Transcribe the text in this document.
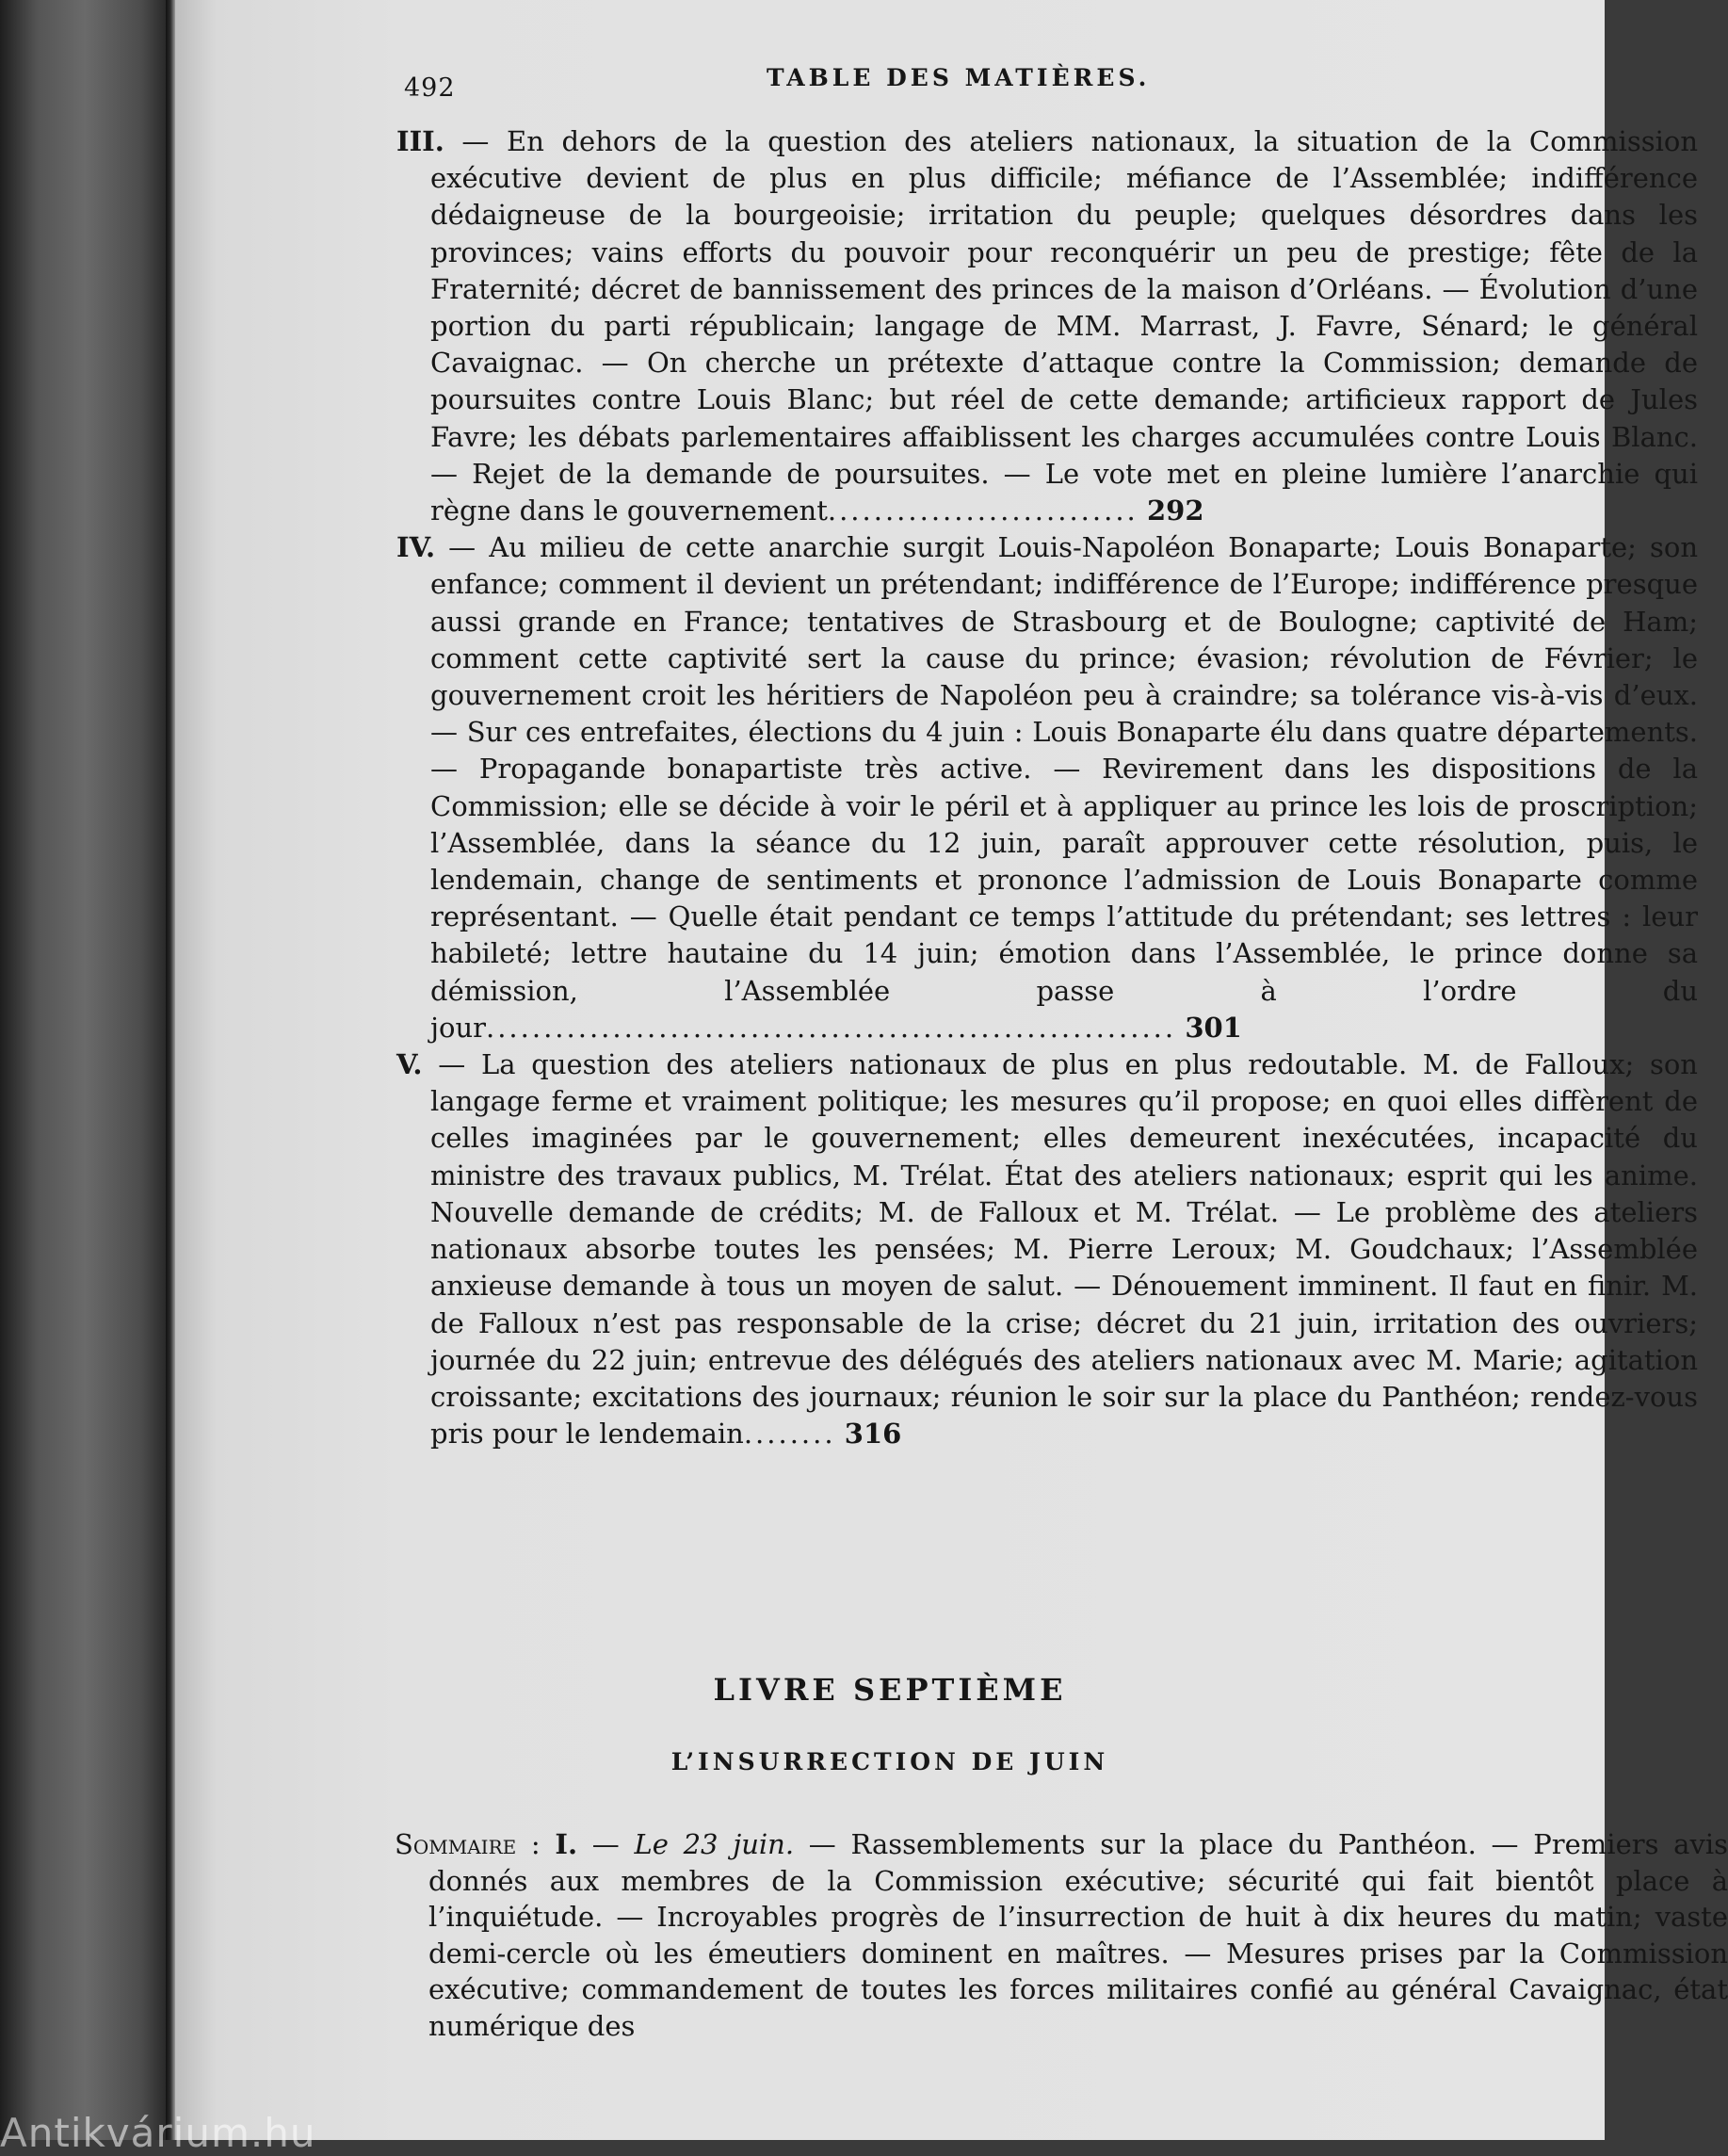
492	TABLE DES MATIÈRES.

III. — En dehors de la question des ateliers nationaux, la situation de la Commission exécutive devient de plus en plus difficile; méfiance de l’Assemblée; indifférence dédaigneuse de la bourgeoisie; irritation du peuple; quelques désordres dans les provinces; vains efforts du pouvoir pour reconquérir un peu de prestige; fête de la Fraternité; décret de bannissement des princes de la maison d’Orléans. — Évolution d’une portion du parti républicain; langage de MM. Marrast, J. Favre, Sénard; le général Cavaignac. — On cherche un prétexte d’attaque contre la Commission; demande de poursuites contre Louis Blanc; but réel de cette demande; artificieux rapport de Jules Favre; les débats parlementaires affaiblissent les charges accumulées contre Louis Blanc. — Rejet de la demande de poursuites. — Le vote met en pleine lumière l’anarchie qui règne dans le gouvernement........................... 292

IV. — Au milieu de cette anarchie surgit Louis-Napoléon Bonaparte; Louis Bonaparte; son enfance; comment il devient un prétendant; indifférence de l’Europe; indifférence presque aussi grande en France; tentatives de Strasbourg et de Boulogne; captivité de Ham; comment cette captivité sert la cause du prince; évasion; révolution de Février; le gouvernement croit les héritiers de Napoléon peu à craindre; sa tolérance vis-à-vis d’eux. — Sur ces entrefaites, élections du 4 juin : Louis Bonaparte élu dans quatre départements. — Propagande bonapartiste très active. — Revirement dans les dispositions de la Commission; elle se décide à voir le péril et à appliquer au prince les lois de proscription; l’Assemblée, dans la séance du 12 juin, paraît approuver cette résolution, puis, le lendemain, change de sentiments et prononce l’admission de Louis Bonaparte comme représentant. — Quelle était pendant ce temps l’attitude du prétendant; ses lettres : leur habileté; lettre hautaine du 14 juin; émotion dans l’Assemblée, le prince donne sa démission, l’Assemblée passe à l’ordre du jour............................................................ 301

V. — La question des ateliers nationaux de plus en plus redoutable. M. de Falloux; son langage ferme et vraiment politique; les mesures qu’il propose; en quoi elles diffèrent de celles imaginées par le gouvernement; elles demeurent inexécutées, incapacité du ministre des travaux publics, M. Trélat. État des ateliers nationaux; esprit qui les anime. Nouvelle demande de crédits; M. de Falloux et M. Trélat. — Le problème des ateliers nationaux absorbe toutes les pensées; M. Pierre Leroux; M. Goudchaux; l’Assemblée anxieuse demande à tous un moyen de salut. — Dénouement imminent. Il faut en finir. M. de Falloux n’est pas responsable de la crise; décret du 21 juin, irritation des ouvriers; journée du 22 juin; entrevue des délégués des ateliers nationaux avec M. Marie; agitation croissante; excitations des journaux; réunion le soir sur la place du Panthéon; rendez-vous pris pour le lendemain........ 316

LIVRE SEPTIÈME
L’INSURRECTION DE JUIN

Sommaire : I. — Le 23 juin. — Rassemblements sur la place du Panthéon. — Premiers avis donnés aux membres de la Commission exécutive; sécurité qui fait bientôt place à l’inquiétude. — Incroyables progrès de l’insurrection de huit à dix heures du matin; vaste demi-cercle où les émeutiers dominent en maîtres. — Mesures prises par la Commission exécutive; commandement de toutes les forces militaires confié au général Cavaignac, état numérique des

Antikvárium.hu
